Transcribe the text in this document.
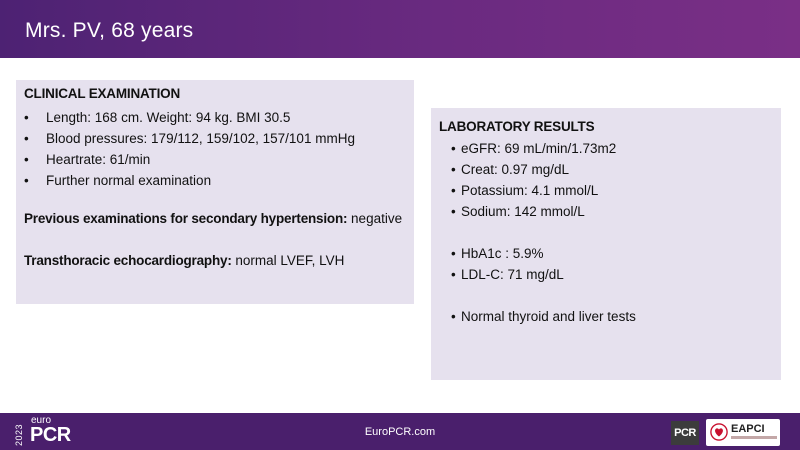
Mrs. PV, 68 years
CLINICAL EXAMINATION
• Length: 168 cm. Weight: 94 kg. BMI 30.5
• Blood pressures: 179/112, 159/102, 157/101 mmHg
• Heartrate: 61/min
• Further normal examination
Previous examinations for secondary hypertension: negative
Transthoracic echocardiography: normal LVEF, LVH
LABORATORY RESULTS
• eGFR: 69 mL/min/1.73m2
• Creat: 0.97 mg/dL
• Potassium: 4.1 mmol/L
• Sodium: 142 mmol/L
• HbA1c : 5.9%
• LDL-C: 71 mg/dL
• Normal thyroid and liver tests
2023
euro
PCR	EuroPCR.com	PCR	EAPCI
